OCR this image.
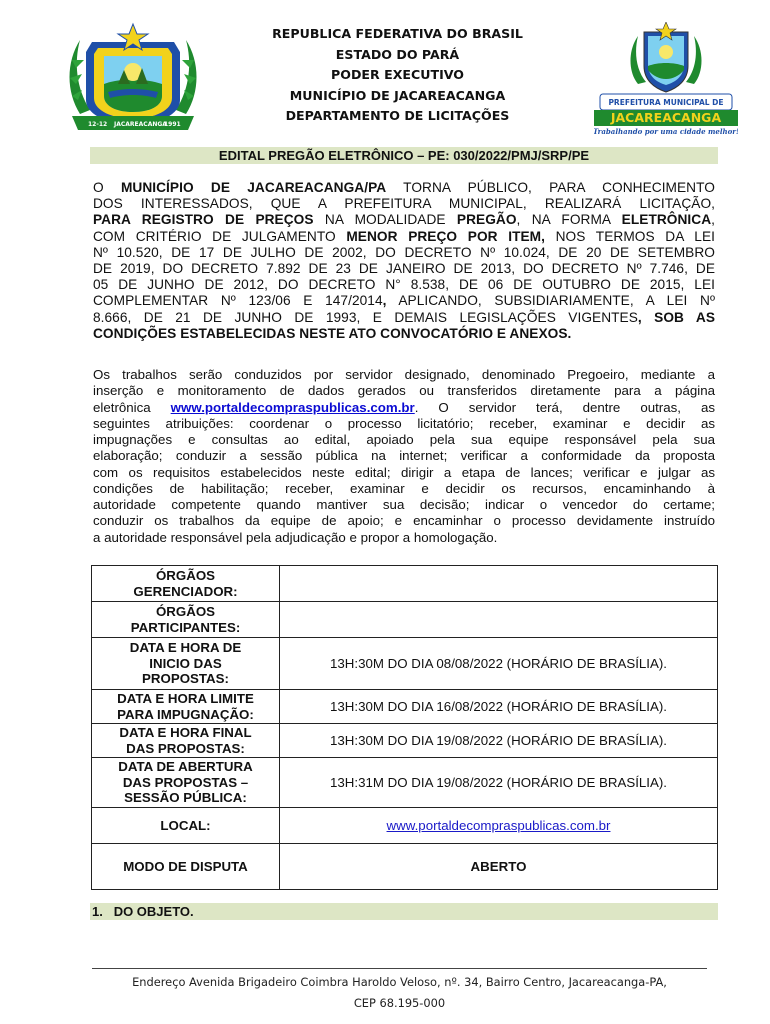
12-12 JACAREACANGA
1991
REPUBLICA FEDERATIVA DO BRASIL
ESTADO DO PARÁ
PODER EXECUTIVO
MUNICÍPIO DE JACAREACANGA
DEPARTAMENTO DE LICITAÇÕES
PREFEITURA MUNICIPAL DE
JACAREACANGA
Trabalhando por uma cidade melhor!
EDITAL PREGÃO ELETRÔNICO – PE: 030/2022/PMJ/SRP/PE
O MUNICÍPIO DE JACAREACANGA/PA TORNA PÚBLICO, PARA CONHECIMENTO
DOS INTERESSADOS, QUE A PREFEITURA MUNICIPAL, REALIZARÁ LICITAÇÃO,
PARA REGISTRO DE PREÇOS NA MODALIDADE PREGÃO, NA FORMA ELETRÔNICA,
COM CRITÉRIO DE JULGAMENTO MENOR PREÇO POR ITEM, NOS TERMOS DA LEI
Nº 10.520, DE 17 DE JULHO DE 2002, DO DECRETO Nº 10.024, DE 20 DE SETEMBRO
DE 2019, DO DECRETO 7.892 DE 23 DE JANEIRO DE 2013, DO DECRETO Nº 7.746, DE
05 DE JUNHO DE 2012, DO DECRETO N° 8.538, DE 06 DE OUTUBRO DE 2015, LEI
COMPLEMENTAR Nº 123/06 E 147/2014, APLICANDO, SUBSIDIARIAMENTE, A LEI Nº
8.666, DE 21 DE JUNHO DE 1993, E DEMAIS LEGISLAÇÕES VIGENTES, SOB AS
CONDIÇÕES ESTABELECIDAS NESTE ATO CONVOCATÓRIO E ANEXOS.
Os trabalhos serão conduzidos por servidor designado, denominado Pregoeiro, mediante a
inserção e monitoramento de dados gerados ou transferidos diretamente para a página
eletrônica www.portaldecompraspublicas.com.br. O servidor terá, dentre outras, as
seguintes atribuições: coordenar o processo licitatório; receber, examinar e decidir as
impugnações e consultas ao edital, apoiado pela sua equipe responsável pela sua
elaboração; conduzir a sessão pública na internet; verificar a conformidade da proposta
com os requisitos estabelecidos neste edital; dirigir a etapa de lances; verificar e julgar as
condições de habilitação; receber, examinar e decidir os recursos, encaminhando à
autoridade competente quando mantiver sua decisão; indicar o vencedor do certame;
conduzir os trabalhos da equipe de apoio; e encaminhar o processo devidamente instruído
a autoridade responsável pela adjudicação e propor a homologação.
ÓRGÃOS
GERENCIADOR:	

ÓRGÃOS
PARTICIPANTES:	

DATA E HORA DE
INICIO DAS
PROPOSTAS:	13H:30M DO DIA 08/08/2022 (HORÁRIO DE BRASÍLIA).

DATA E HORA LIMITE
PARA IMPUGNAÇÃO:	13H:30M DO DIA 16/08/2022 (HORÁRIO DE BRASÍLIA).

DATA E HORA FINAL
DAS PROPOSTAS:	13H:30M DO DIA 19/08/2022 (HORÁRIO DE BRASÍLIA).

DATA DE ABERTURA
DAS PROPOSTAS –
SESSÃO PÚBLICA:	13H:31M DO DIA 19/08/2022 (HORÁRIO DE BRASÍLIA).

LOCAL:	www.portaldecompraspublicas.com.br

MODO DE DISPUTA	ABERTO
1. DO OBJETO.
Endereço Avenida Brigadeiro Coimbra Haroldo Veloso, nº. 34, Bairro Centro, Jacareacanga-PA,
CEP 68.195-000
